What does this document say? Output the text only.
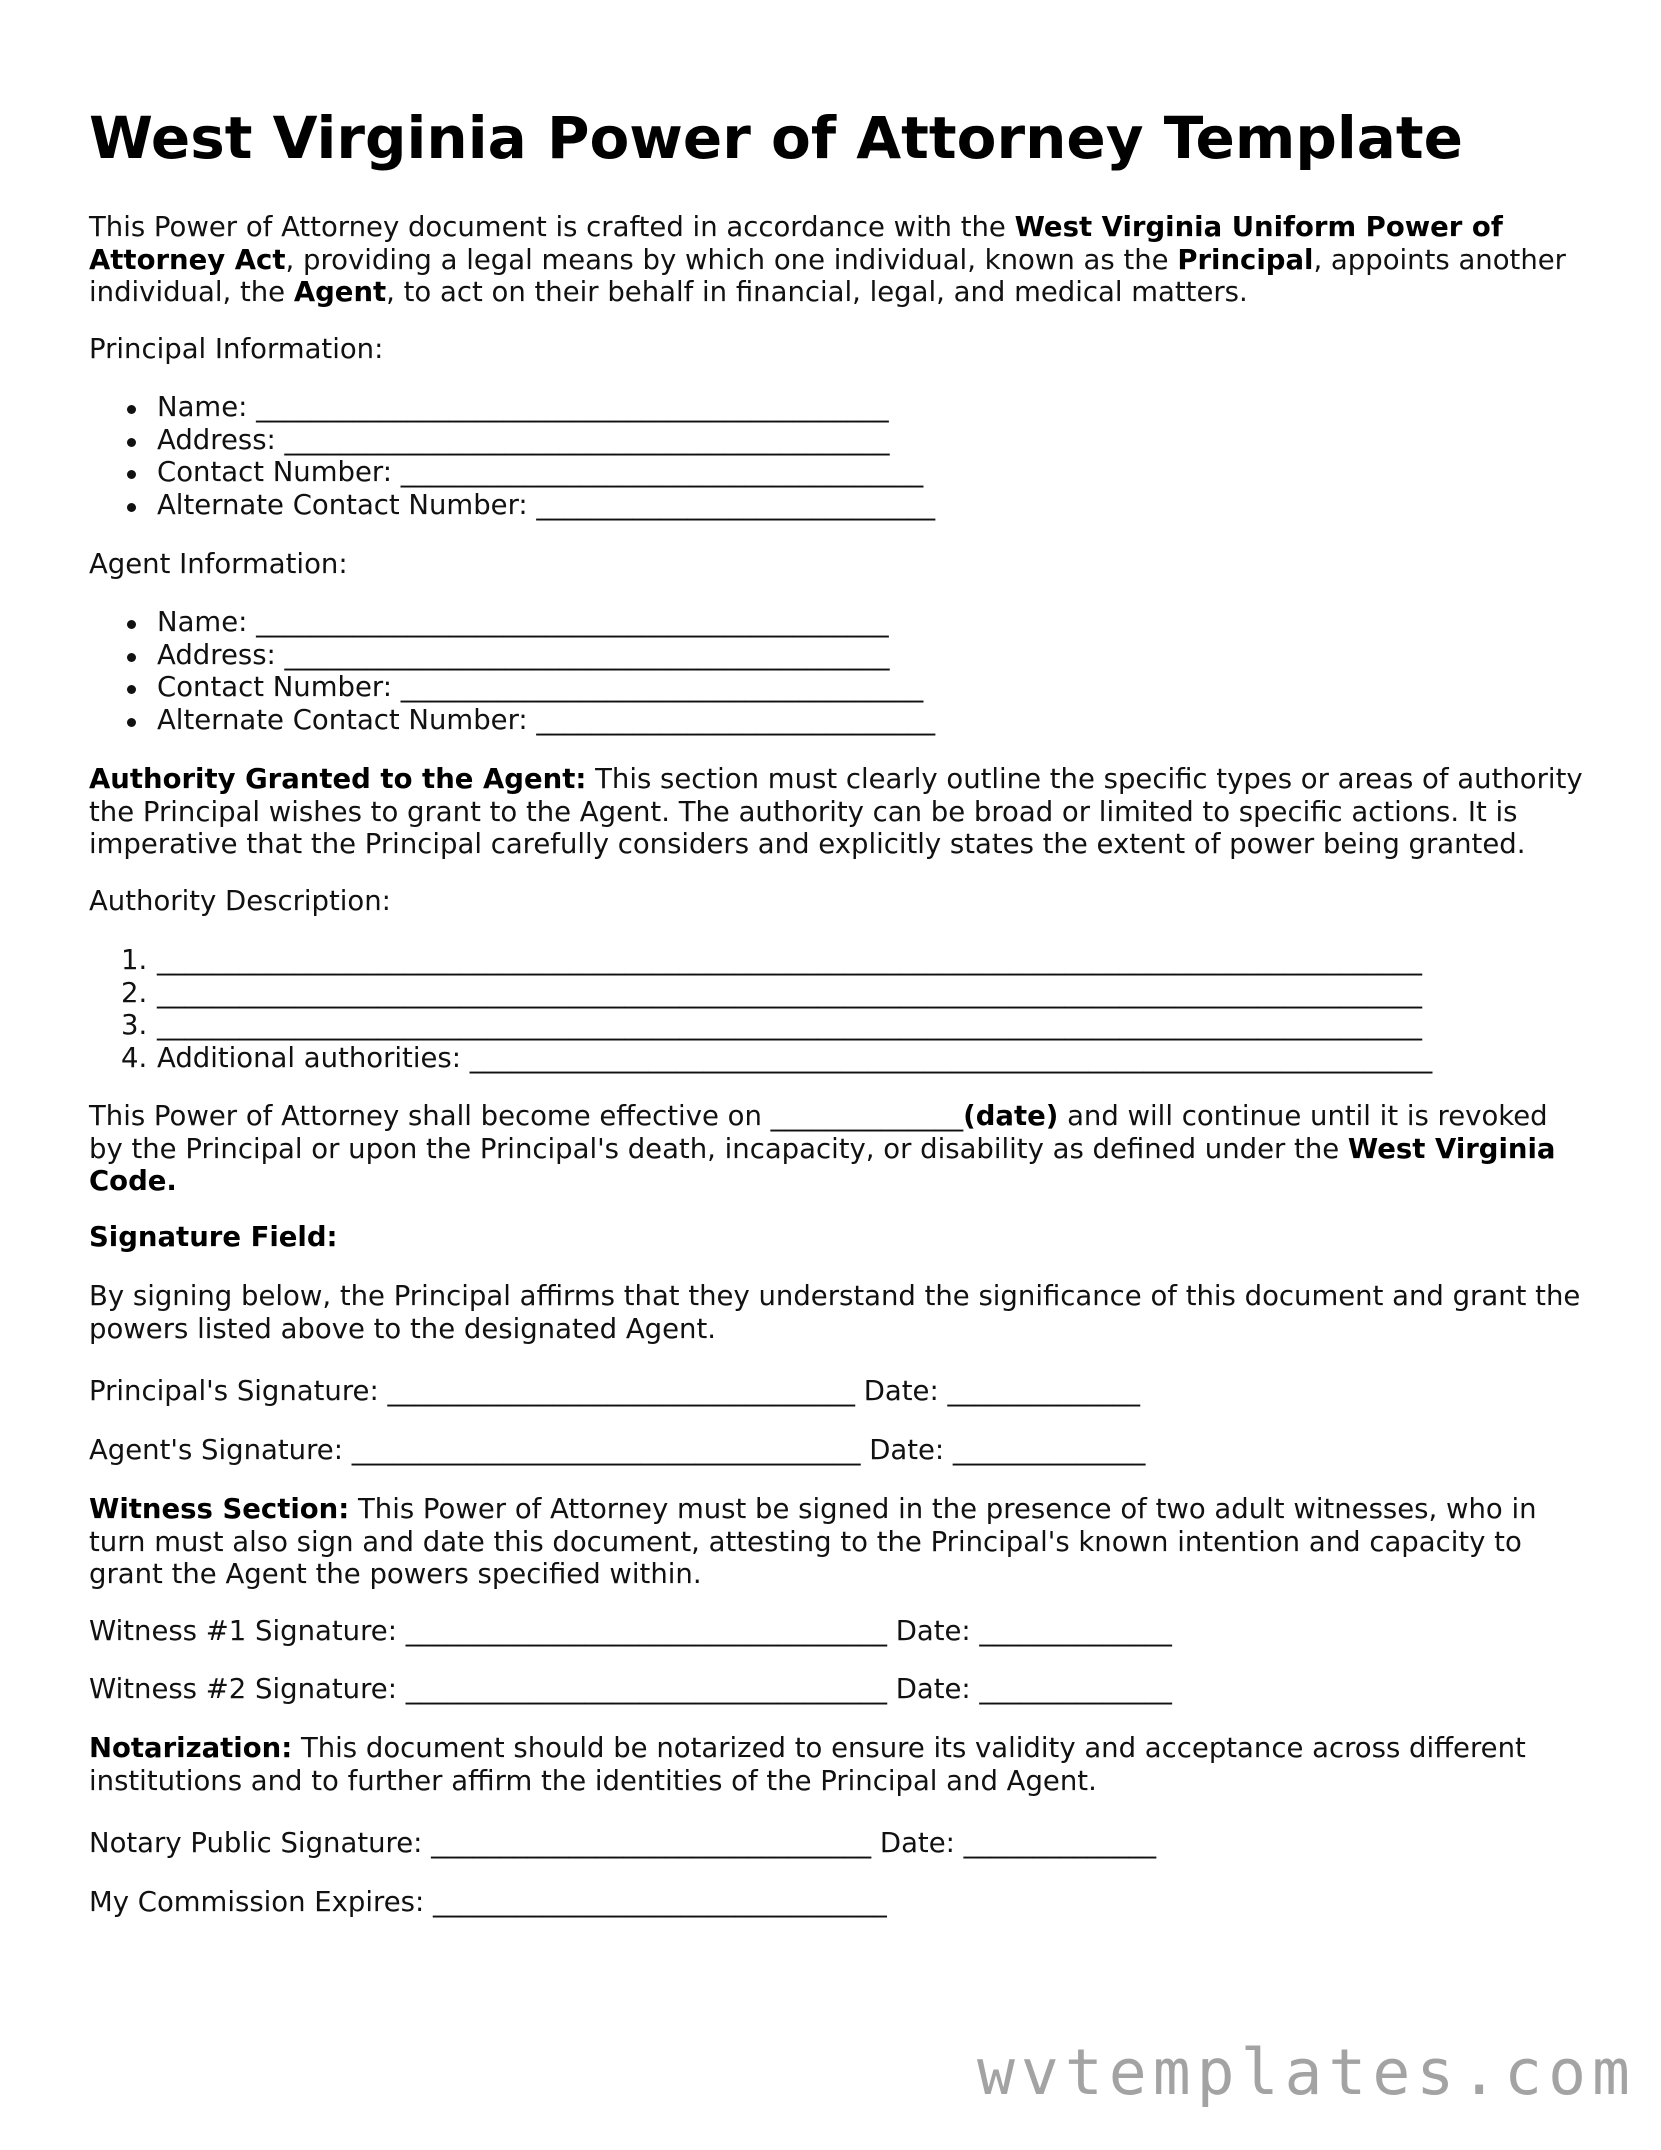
West Virginia Power of Attorney Template

This Power of Attorney document is crafted in accordance with the West Virginia Uniform Power of Attorney Act, providing a legal means by which one individual, known as the Principal, appoints another individual, the Agent, to act on their behalf in financial, legal, and medical matters.

Principal Information:
Name: ______________________________________________
Address: ____________________________________________
Contact Number: ______________________________________
Alternate Contact Number: _____________________________
Agent Information:
Name: ______________________________________________
Address: ____________________________________________
Contact Number: ______________________________________
Alternate Contact Number: _____________________________

Authority Granted to the Agent: This section must clearly outline the specific types or areas of authority the Principal wishes to grant to the Agent. The authority can be broad or limited to specific actions. It is imperative that the Principal carefully considers and explicitly states the extent of power being granted.

Authority Description:
1. ____________________________________________________________________________________________
2. ____________________________________________________________________________________________
3. ____________________________________________________________________________________________
4. Additional authorities: ______________________________________________________________________

This Power of Attorney shall become effective on ______________(date) and will continue until it is revoked by the Principal or upon the Principal's death, incapacity, or disability as defined under the West Virginia Code.

Signature Field:

By signing below, the Principal affirms that they understand the significance of this document and grant the powers listed above to the designated Agent.

Principal's Signature: __________________________________ Date: ______________
Agent's Signature: _____________________________________ Date: ______________

Witness Section: This Power of Attorney must be signed in the presence of two adult witnesses, who in turn must also sign and date this document, attesting to the Principal's known intention and capacity to grant the Agent the powers specified within.

Witness #1 Signature: ___________________________________ Date: ______________
Witness #2 Signature: ___________________________________ Date: ______________

Notarization: This document should be notarized to ensure its validity and acceptance across different institutions and to further affirm the identities of the Principal and Agent.

Notary Public Signature: ________________________________ Date: ______________
My Commission Expires: _________________________________
wvtemplates.com
